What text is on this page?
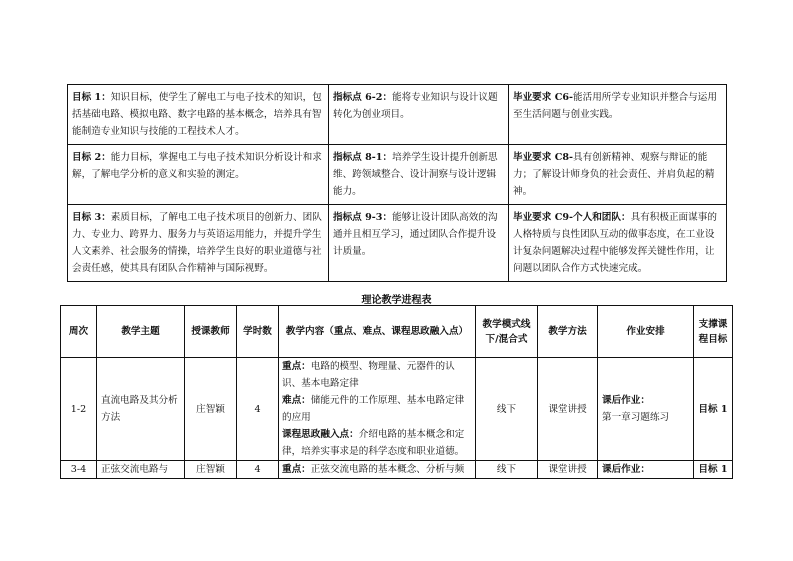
目标 1：知识目标，使学生了解电工与电子技术的知识，包括基础电路、模拟电路、数字电路的基本概念，培养具有智能制造专业知识与技能的工程技术人才。	指标点 6-2：能将专业知识与设计议题转化为创业项目。	毕业要求 C6-能活用所学专业知识并整合与运用至生活问题与创业实践。
目标 2：能力目标，掌握电工与电子技术知识分析设计和求解，了解电学分析的意义和实验的测定。	指标点 8-1：培养学生设计提升创新思维、跨领域整合、设计洞察与设计逻辑能力。	毕业要求 C8-具有创新精神、观察与辩证的能力；了解设计师身负的社会责任、并肩负起的精神。
目标 3：素质目标，了解电工电子技术项目的创新力、团队力、专业力、跨界力、服务力与英语运用能力，并提升学生人文素养、社会服务的情操，培养学生良好的职业道德与社会责任感，使其具有团队合作精神与国际视野。	指标点 9-3：能够让设计团队高效的沟通并且相互学习，通过团队合作提升设计质量。	毕业要求 C9-个人和团队：具有积极正面谋事的人格特质与良性团队互动的做事态度，在工业设计复杂问题解决过程中能够发挥关键性作用，让问题以团队合作方式快速完成。
理论教学进程表
周次	教学主题	授课教师	学时数	教学内容（重点、难点、课程思政融入点）	教学模式线下/混合式	教学方法	作业安排	支撑课程目标
1-2	直流电路及其分析方法	庄智颖	4	重点：电路的模型、物理量、元器件的认识、基本电路定律
难点：储能元件的工作原理、基本电路定律的应用
课程思政融入点：介绍电路的基本概念和定律，培养实事求是的科学态度和职业道德。	线下	课堂讲授	课后作业：
第一章习题练习	目标 1
3-4	正弦交流电路与	庄智颖	4	重点：正弦交流电路的基本概念、分析与频	线下	课堂讲授	课后作业：	目标 1
